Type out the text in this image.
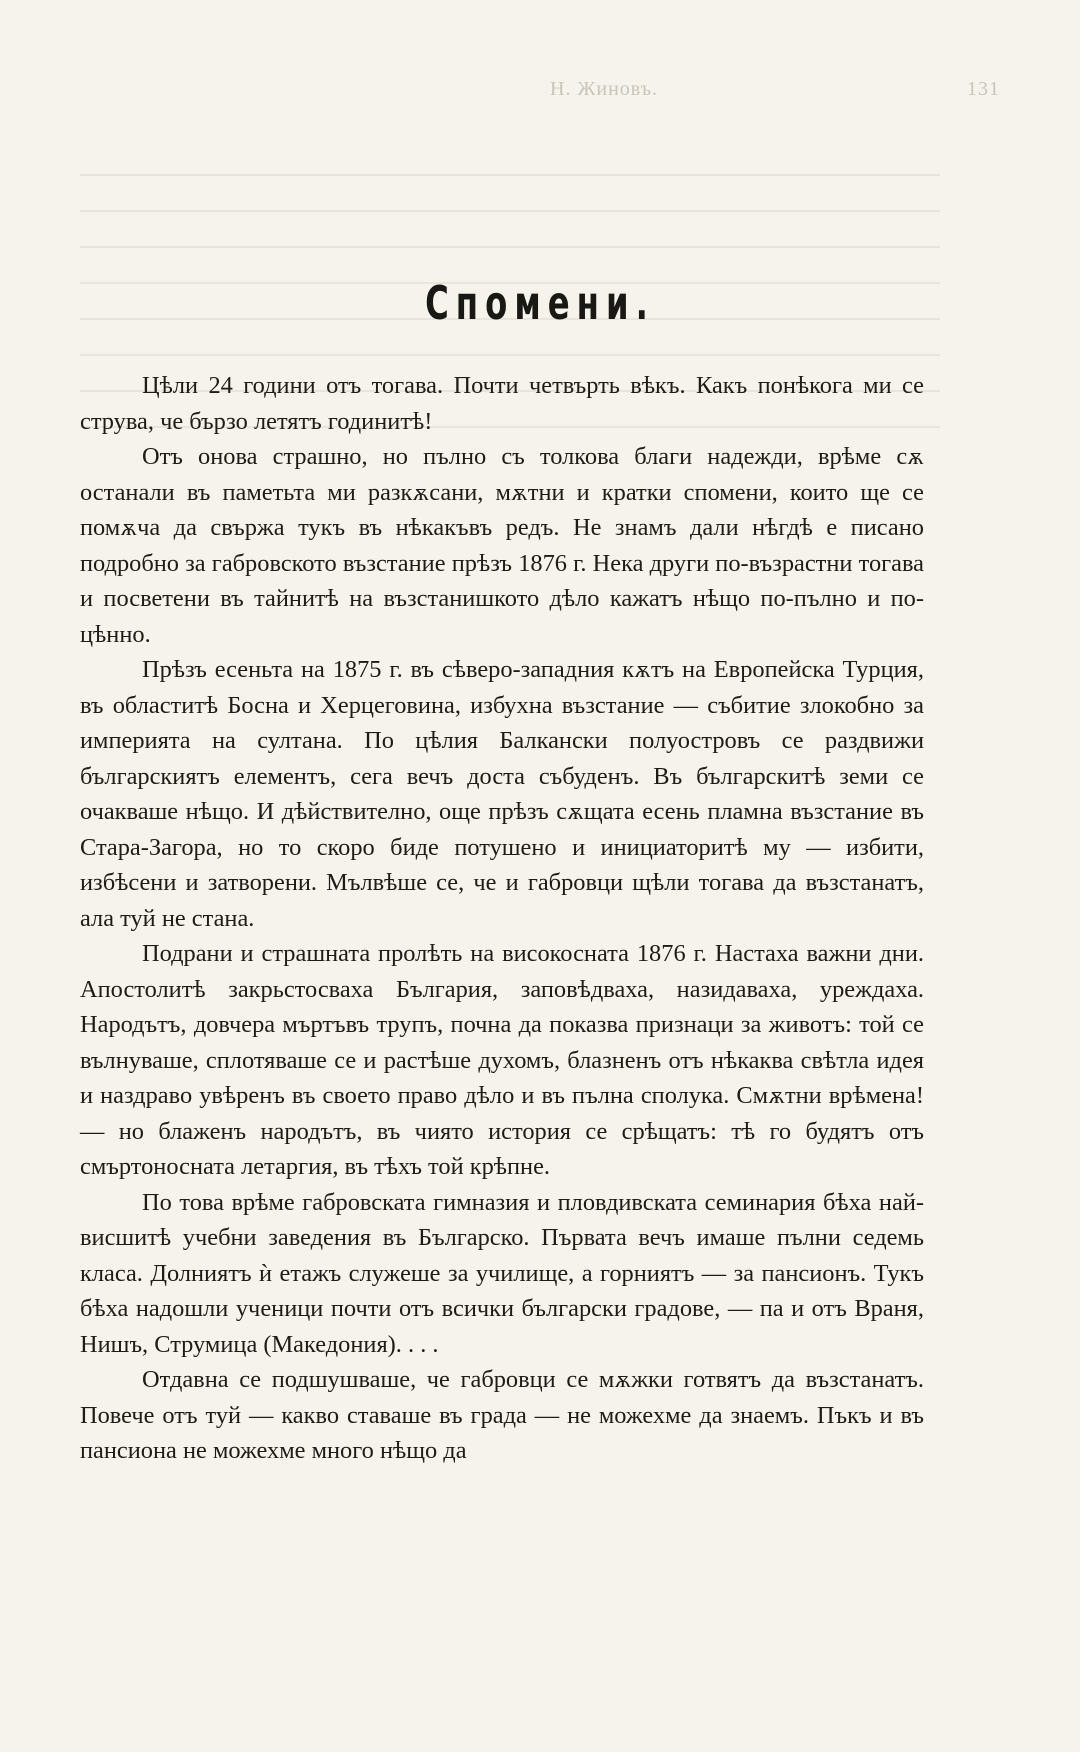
Н. Жиновъ.	131
Спомени.

Цѣли 24 години отъ тогава. Почти четвърть вѣкъ. Какъ понѣкога ми се струва, че бързо летятъ годинитѣ!

Отъ онова страшно, но пълно съ толкова благи надежди, врѣме сѫ останали въ паметьта ми разкѫсани, мѫтни и кратки спомени, които ще се помѫча да свържа тукъ въ нѣкакъвъ редъ. Не знамъ дали нѣгдѣ е писано подробно за габровското възстание прѣзъ 1876 г. Нека други по-възрастни тогава и посветени въ тайнитѣ на възстанишкото дѣло кажатъ нѣщо по-пълно и по-цѣнно.

Прѣзъ есеньта на 1875 г. въ сѣверо-западния кѫтъ на Европейска Турция, въ областитѣ Босна и Херцеговина, избухна възстание — събитие злокобно за империята на султана. По цѣлия Балкански полуостровъ се раздвижи българскиятъ елементъ, сега вечъ доста събуденъ. Въ българскитѣ земи се очакваше нѣщо. И дѣйствително, още прѣзъ сѫщата есень пламна възстание въ Стара-Загора, но то скоро биде потушено и инициаторитѣ му — избити, избѣсени и затворени. Мълвѣше се, че и габровци щѣли тогава да възстанатъ, ала туй не стана.

Подрани и страшната пролѣть на високосната 1876 г. Настаха важни дни. Апостолитѣ закрьстосваха България, заповѣдваха, назидаваха, уреждаха. Народътъ, довчера мъртъвъ трупъ, почна да показва признаци за животъ: той се вълнуваше, сплотяваше се и растѣше духомъ, блазненъ отъ нѣкаква свѣтла идея и наздраво увѣренъ въ своето право дѣло и въ пълна сполука. Смѫтни врѣмена! — но блаженъ народътъ, въ чиято история се срѣщатъ: тѣ го будятъ отъ смъртоносната летаргия, въ тѣхъ той крѣпне.

По това врѣме габровската гимназия и пловдивската семинария бѣха най-висшитѣ учебни заведения въ Българско. Първата вечъ имаше пълни седемь класа. Долниятъ ѝ етажъ служеше за училище, а горниятъ — за пансионъ. Тукъ бѣха надошли ученици почти отъ всички български градове, — па и отъ Враня, Нишъ, Струмица (Македония). . . .

Отдавна се подшушваше, че габровци се мѫжки готвятъ да възстанатъ. Повече отъ туй — какво ставаше въ града — не можехме да знаемъ. Пъкъ и въ пансиона не можехме много нѣщо да
